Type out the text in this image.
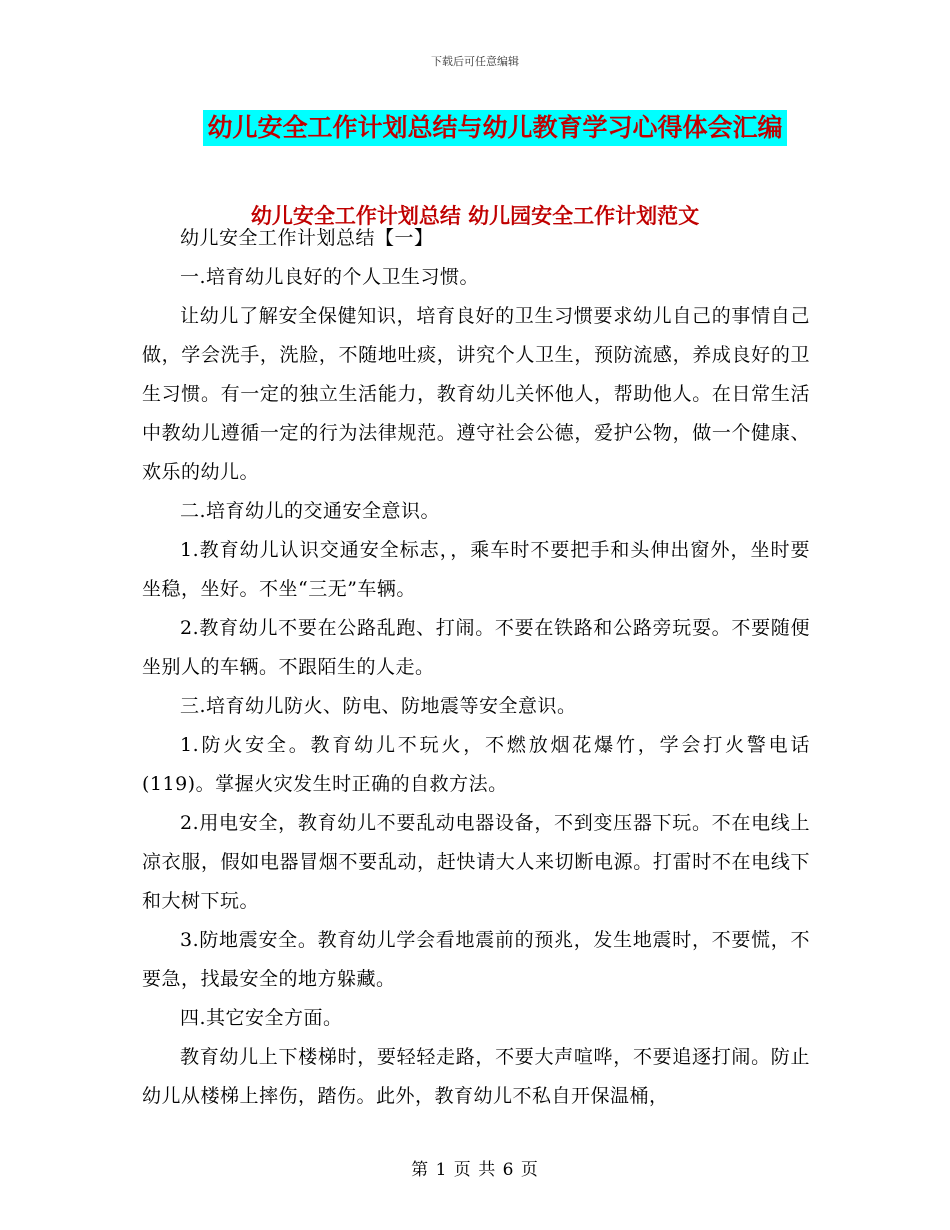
下载后可任意编辑
幼儿安全工作计划总结与幼儿教育学习心得体会汇编
幼儿安全工作计划总结 幼儿园安全工作计划范文

幼儿安全工作计划总结【一】

一.培育幼儿良好的个人卫生习惯。

让幼儿了解安全保健知识，培育良好的卫生习惯要求幼儿自己的事情自己做，学会洗手，洗脸，不随地吐痰，讲究个人卫生，预防流感，养成良好的卫生习惯。有一定的独立生活能力，教育幼儿关怀他人，帮助他人。在日常生活中教幼儿遵循一定的行为法律规范。遵守社会公德，爱护公物，做一个健康、欢乐的幼儿。

二.培育幼儿的交通安全意识。

1.教育幼儿认识交通安全标志，，乘车时不要把手和头伸出窗外，坐时要坐稳，坐好。不坐“三无”车辆。

2.教育幼儿不要在公路乱跑、打闹。不要在铁路和公路旁玩耍。不要随便坐别人的车辆。不跟陌生的人走。

三.培育幼儿防火、防电、防地震等安全意识。

1.防火安全。教育幼儿不玩火，不燃放烟花爆竹，学会打火警电话(119)。掌握火灾发生时正确的自救方法。

2.用电安全，教育幼儿不要乱动电器设备，不到变压器下玩。不在电线上凉衣服，假如电器冒烟不要乱动，赶快请大人来切断电源。打雷时不在电线下和大树下玩。

3.防地震安全。教育幼儿学会看地震前的预兆，发生地震时，不要慌，不要急，找最安全的地方躲藏。

四.其它安全方面。

教育幼儿上下楼梯时，要轻轻走路，不要大声喧哗，不要追逐打闹。防止幼儿从楼梯上摔伤，踏伤。此外，教育幼儿不私自开保温桶，

第 1 页 共 6 页
